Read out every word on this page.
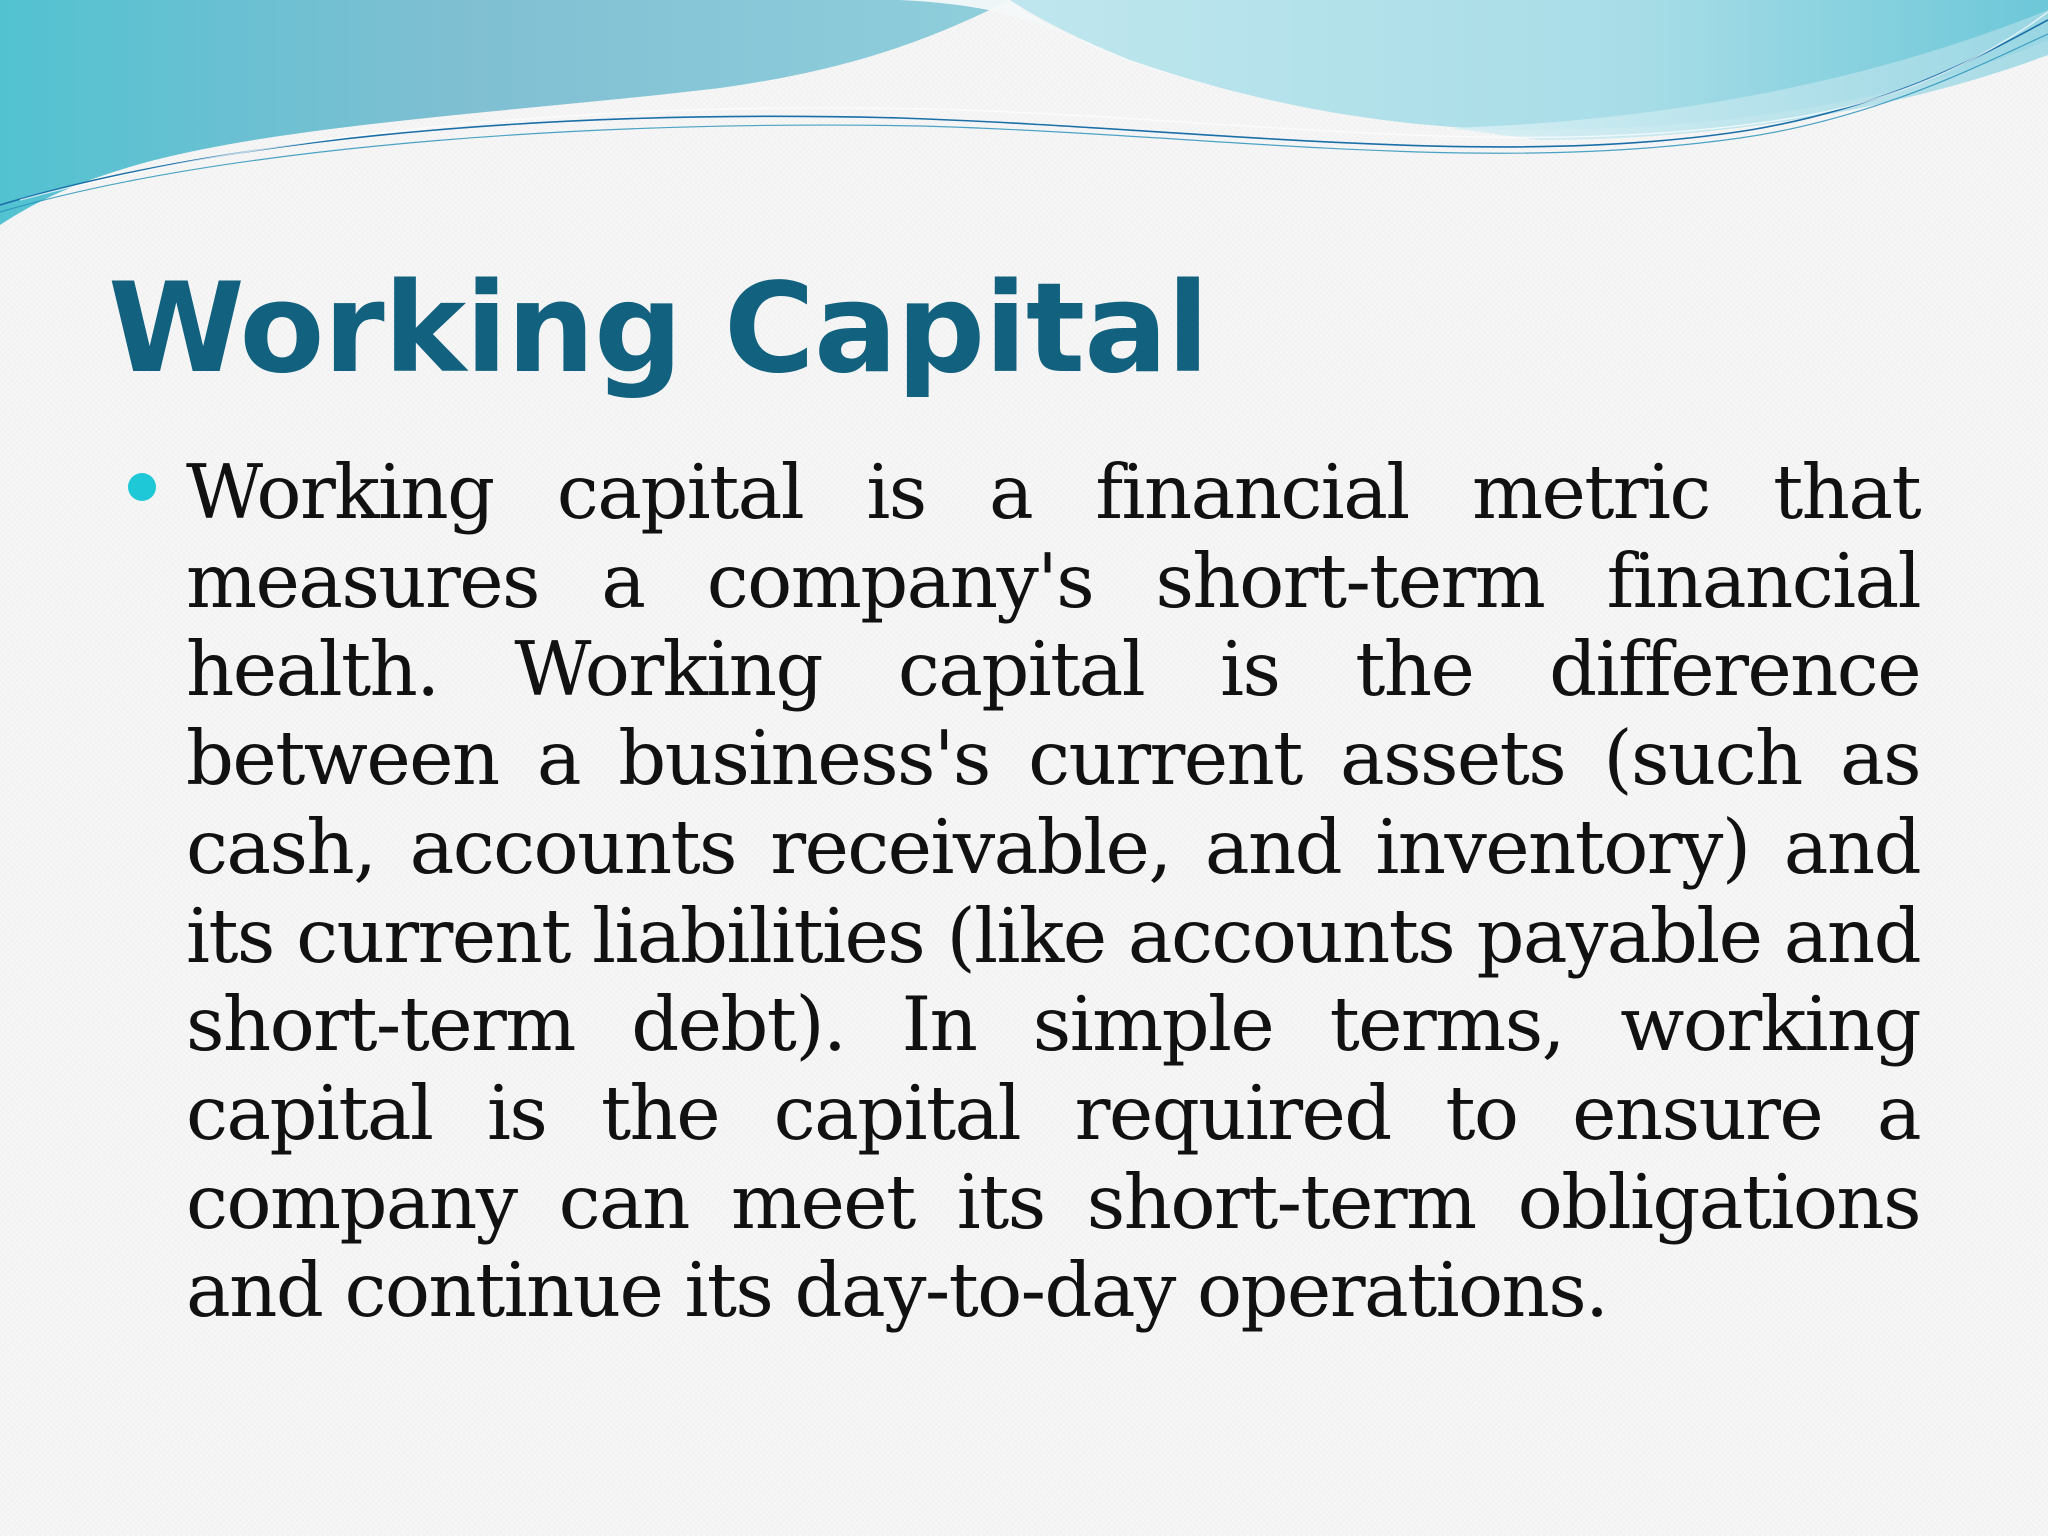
Working Capital

Working capital is a financial metric that measures a company's short-term financial health. Working capital is the difference between a business's current assets (such as cash, accounts receivable, and inventory) and its current liabilities (like accounts payable and short-term debt). In simple terms, working capital is the capital required to ensure a company can meet its short-term obligations and continue its day-to-day operations.
